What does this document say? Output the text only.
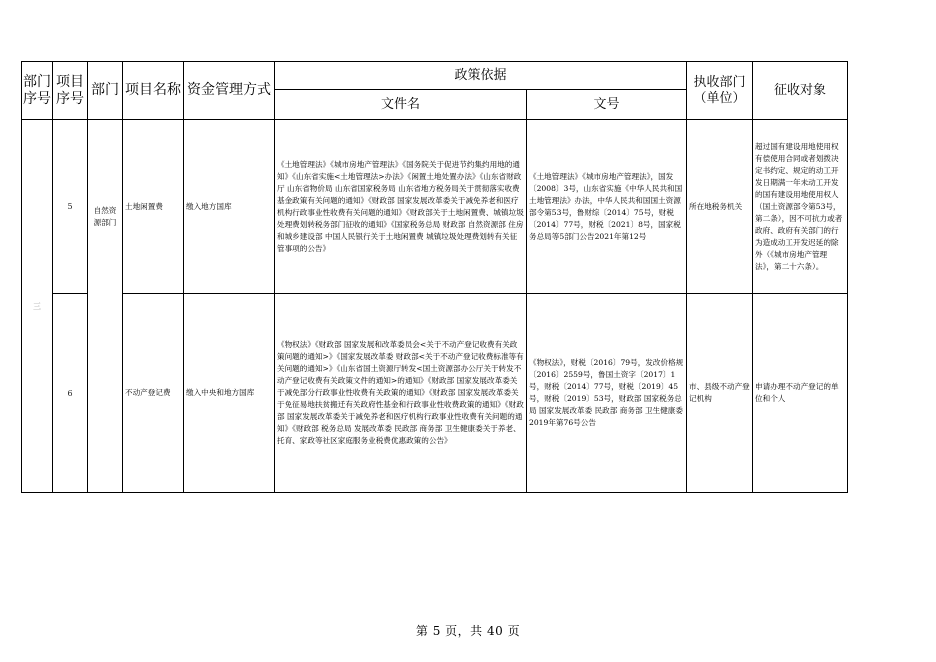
部门序号	项目序号	部门	项目名称	资金管理方式	政策依据		执收部门（单位）	征收对象
					文件名	文号		
三	5	自然资源部门	土地闲置费	缴入地方国库	《土地管理法》《城市房地产管理法》《国务院关于促进节约集约用地的通知》《山东省实施<土地管理法>办法》《闲置土地处置办法》《山东省财政厅 山东省物价局 山东省国家税务局 山东省地方税务局关于贯彻落实收费基金政策有关问题的通知》《财政部 国家发展改革委关于减免养老和医疗机构行政事业性收费有关问题的通知》《财政部关于土地闲置费、城镇垃圾处理费划转税务部门征收的通知》《国家税务总局 财政部 自然资源部 住房和城乡建设部 中国人民银行关于土地闲置费 城镇垃圾处理费划转有关征管事项的公告》	《土地管理法》《城市房地产管理法》，国发〔2008〕3号，山东省实施《中华人民共和国土地管理法》办法，中华人民共和国国土资源部令第53号，鲁财综〔2014〕75号，财税〔2014〕77号，财税〔2021〕8号，国家税务总局等5部门公告2021年第12号	所在地税务机关	超过国有建设用地使用权有偿使用合同或者划拨决定书约定、规定的动工开发日期满一年未动工开发的国有建设用地使用权人（国土资源部令第53号，第二条），因不可抗力或者政府、政府有关部门的行为造成动工开发迟延的除外（《城市房地产管理法》，第二十六条）。
	6		不动产登记费	缴入中央和地方国库	《物权法》《财政部 国家发展和改革委员会<关于不动产登记收费有关政策问题的通知>》《国家发展改革委 财政部<关于不动产登记收费标准等有关问题的通知>》《山东省国土资源厅转发<国土资源部办公厅关于转发不动产登记收费有关政策文件的通知>的通知》《财政部 国家发展改革委关于减免部分行政事业性收费有关政策的通知》《财政部 国家发展改革委关于免征易地扶贫搬迁有关政府性基金和行政事业性收费政策的通知》《财政部 国家发展改革委关于减免养老和医疗机构行政事业性收费有关问题的通知》《财政部 税务总局 发展改革委 民政部 商务部 卫生健康委关于养老、托育、家政等社区家庭服务业税费优惠政策的公告》	《物权法》，财税〔2016〕79号，发改价格规〔2016〕2559号，鲁国土资字〔2017〕1号，财税〔2014〕77号，财税〔2019〕45号，财税〔2019〕53号，财政部 国家税务总局 国家发展改革委 民政部 商务部 卫生健康委2019年第76号公告	市、县级不动产登记机构	申请办理不动产登记的单位和个人
第 5 页，共 40 页
